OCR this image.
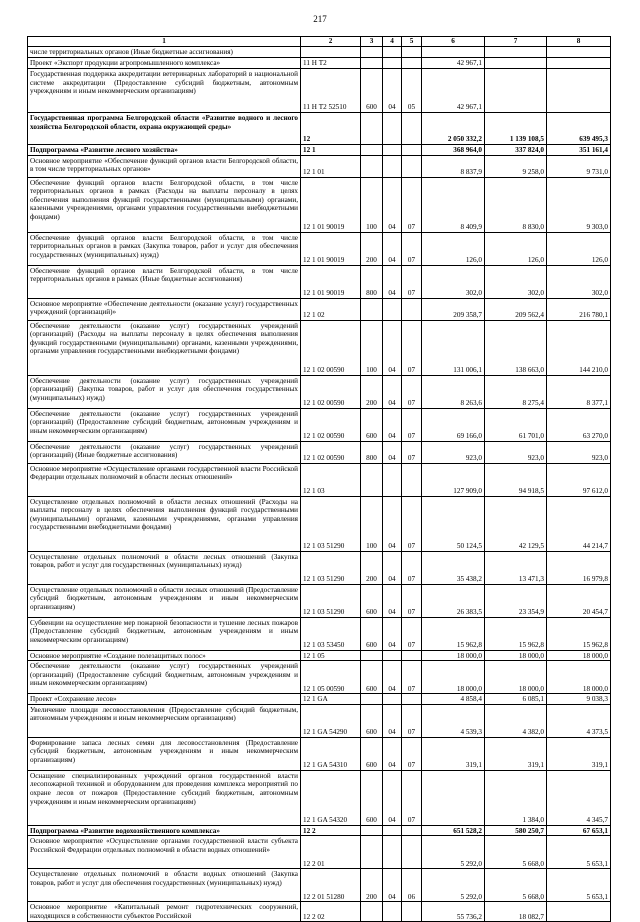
217
1	2	3	4	5	6	7	8
числе территориальных органов (Иные бюджетные ассигнования)							
Проект «Экспорт продукции агропромышленного комплекса»	11 Н Т2				42 967,1		
Государственная поддержка аккредитации ветеринарных лабораторий в национальной системе аккредитации (Предоставление субсидий бюджетным, автономным учреждениям и иным некоммерческим организациям)	11 Н Т2 52510	600	04	05	42 967,1		
Государственная программа Белгородской области «Развитие водного и лесного хозяйства Белгородской области, охрана окружающей среды»	12				2 050 332,2	1 139 108,5	639 495,3
Подпрограмма «Развитие лесного хозяйства»	12 1				368 964,0	337 824,0	351 161,4
Основное мероприятие «Обеспечение функций органов власти Белгородской области, в том числе территориальных органов»	12 1 01				8 837,9	9 258,0	9 731,0
Обеспечение функций органов власти Белгородской области, в том числе территориальных органов в рамках (Расходы на выплаты персоналу в целях обеспечения выполнения функций государственными (муниципальными) органами, казенными учреждениями, органами управления государственными внебюджетными фондами)	12 1 01 90019	100	04	07	8 409,9	8 830,0	9 303,0
Обеспечение функций органов власти Белгородской области, в том числе территориальных органов в рамках (Закупка товаров, работ и услуг для обеспечения государственных (муниципальных) нужд)	12 1 01 90019	200	04	07	126,0	126,0	126,0
Обеспечение функций органов власти Белгородской области, в том числе территориальных органов в рамках (Иные бюджетные ассигнования)	12 1 01 90019	800	04	07	302,0	302,0	302,0
Основное мероприятие «Обеспечение деятельности (оказание услуг) государственных учреждений (организаций)»	12 1 02				209 358,7	209 562,4	216 780,1
Обеспечение деятельности (оказание услуг) государственных учреждений (организаций) (Расходы на выплаты персоналу в целях обеспечения выполнения функций государственными (муниципальными) органами, казенными учреждениями, органами управления государственными внебюджетными фондами)	12 1 02 00590	100	04	07	131 006,1	138 663,0	144 210,0
Обеспечение деятельности (оказание услуг) государственных учреждений (организаций) (Закупка товаров, работ и услуг для обеспечения государственных (муниципальных) нужд)	12 1 02 00590	200	04	07	8 263,6	8 275,4	8 377,1
Обеспечение деятельности (оказание услуг) государственных учреждений (организаций) (Предоставление субсидий бюджетным, автономным учреждениям и иным некоммерческим организациям)	12 1 02 00590	600	04	07	69 166,0	61 701,0	63 270,0
Обеспечение деятельности (оказание услуг) государственных учреждений (организаций) (Иные бюджетные ассигнования)	12 1 02 00590	800	04	07	923,0	923,0	923,0
Основное мероприятие «Осуществление органами государственной власти Российской Федерации отдельных полномочий в области лесных отношений»	12 1 03				127 909,0	94 918,5	97 612,0
Осуществление отдельных полномочий в области лесных отношений (Расходы на выплаты персоналу в целях обеспечения выполнения функций государственными (муниципальными) органами, казенными учреждениями, органами управления государственными внебюджетными фондами)	12 1 03 51290	100	04	07	50 124,5	42 129,5	44 214,7
Осуществление отдельных полномочий в области лесных отношений (Закупка товаров, работ и услуг для государственных (муниципальных) нужд)	12 1 03 51290	200	04	07	35 438,2	13 471,3	16 979,8
Осуществление отдельных полномочий в области лесных отношений (Предоставление субсидий бюджетным, автономным учреждениям и иным некоммерческим организациям)	12 1 03 51290	600	04	07	26 383,5	23 354,9	20 454,7
Субвенции на осуществление мер пожарной безопасности и тушение лесных пожаров (Предоставление субсидий бюджетным, автономным учреждениям и иным некоммерческим организациям)	12 1 03 53450	600	04	07	15 962,8	15 962,8	15 962,8
Основное мероприятие «Создание полезащитных полос»	12 1 05				18 000,0	18 000,0	18 000,0
Обеспечение деятельности (оказание услуг) государственных учреждений (организаций) (Предоставление субсидий бюджетным, автономным учреждениям и иным некоммерческим организациям)	12 1 05 00590	600	04	07	18 000,0	18 000,0	18 000,0
Проект «Сохранение лесов»	12 1 GA				4 858,4	6 085,1	9 038,3
Увеличение площади лесовосстановления (Предоставление субсидий бюджетным, автономным учреждениям и иным некоммерческим организациям)	12 1 GA 54290	600	04	07	4 539,3	4 382,0	4 373,5
Формирование запаса лесных семян для лесовосстановления (Предоставление субсидий бюджетным, автономным учреждениям и иным некоммерческим организациям)	12 1 GA 54310	600	04	07	319,1	319,1	319,1
Оснащение специализированных учреждений органов государственной власти лесопожарной техникой и оборудованием для проведения комплекса мероприятий по охране лесов от пожаров (Предоставление субсидий бюджетным, автономным учреждениям и иным некоммерческим организациям)	12 1 GA 54320	600	04	07		1 384,0	4 345,7
Подпрограмма «Развитие водохозяйственного комплекса»	12 2				651 528,2	580 250,7	67 653,1
Основное мероприятие «Осуществление органами государственной власти субъекта Российской Федерации отдельных полномочий в области водных отношений»	12 2 01				5 292,0	5 668,0	5 653,1
Осуществление отдельных полномочий в области водных отношений (Закупка товаров, работ и услуг для обеспечения государственных (муниципальных) нужд)	12 2 01 51280	200	04	06	5 292,0	5 668,0	5 653,1
Основное мероприятие «Капитальный ремонт гидротехнических сооружений, находящихся в собственности субъектов Российской	12 2 02				55 736,2	18 082,7	
